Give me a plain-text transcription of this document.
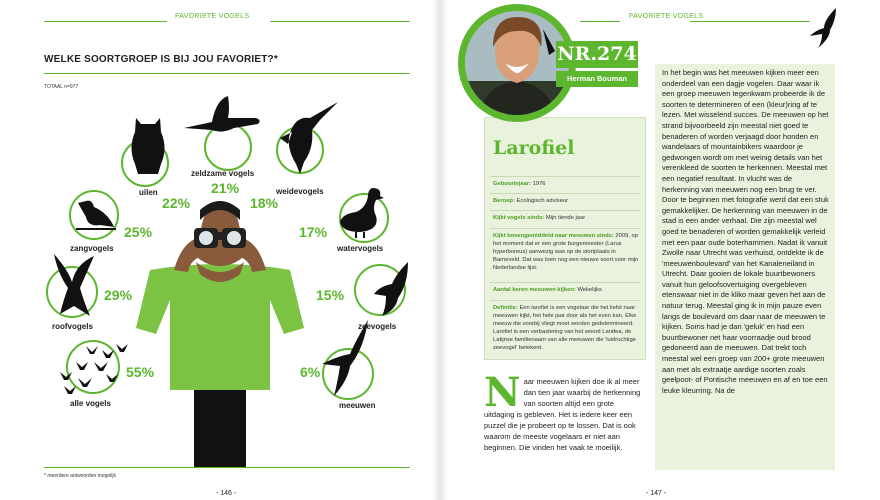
FAVORIETE VOGELS
WELKE SOORTGROEP IS BIJ JOU FAVORIET?*
TOTAAL n=977
uilen
22%
zeldzame vogels
21%	weidevogels
18%
zangvogels
25%
watervogels
17%
roofvogels
29%
zeevogels
15%
alle vogels
55%
meeuwen
6%
* meerdere antwoorden mogelijk
- 146 -
FAVORIETE VOGELS
In het begin was het meeuwen kijken meer een onderdeel van een dagje vogelen. Daar waar ik een groep meeuwen tegenkwam probeerde ik de soorten te determineren of een (kleur)ring af te lezen. Met wisselend succes. De meeuwen op het strand bijvoorbeeld zijn meestal niet goed te benaderen of worden verjaagd door honden en wandelaars of mountainbikers waardoor je gedwongen wordt om met weinig details van het verenkleed de soorten te herkennen. Meestal met een negatief resultaat. In vlucht was de herkenning van meeuwen nog een brug te ver. Door te beginnen met fotografie werd dat een stuk gemakkelijker. De herkenning van meeuwen in de stad is een ander verhaal. Die zijn meestal wel goed te benaderen of worden gemakkelijk verleid met een paar oude boterhammen. Nadat ik vanuit Zwolle naar Utrecht was verhuisd, ontdekte ik de 'meeuwenboulevard' van het Kanaleneiland in Utrecht. Daar gooien de lokale buurtbewoners vanuit hun geloofsovertuiging overgebleven etenswaar niet in de kliko maar geven het aan de natuur terug. Meestal ging ik in mijn pauze even langs de boulevard om daar naar de meeuwen te kijken. Soms had je dan 'geluk' en had een buurtbewoner net haar voorraadje oud brood gedoneerd aan de meeuwen. Dat trekt toch meestal wel een groep van 200+ grote meeuwen aan met als extraatje aardige soorten zoals geelpoot- of Pontische meeuwen en af en toe een leuke kleurring. Na de
NR.274
Herman Bouman
Larofiel
Geboortejaar: 1976
Beroep: Ecologisch adviseur
Kijkt vogels sinds: Mijn tiende jaar
Kijkt bovengemiddeld naar meeuwen sinds: 2009, op het moment dat er een grote burgemeester (Larus hyperboreus) aanwezig was op de stortplaats in Barneveld. Dat was toen nog een nieuwe soort voor mijn Nederlandse lijst.
Aantal keren meeuwen kijken: Wekelijks
Definitie: Een larofiel is een vogelaar die het liefst naar meeuwen kijkt, het hele jaar door als het even kan. Elke meeuw die voorbij vliegt moet worden gedetermineerd. Larofiel is een verbastering van het woord Laridea, de Latijnse familienaam van alle meeuwen die 'luidruchtige zeevogel' betekent.
Naar meeuwen kijken doe ik al meer dan tien jaar waarbij de herkenning van soorten altijd een grote uitdaging is gebleven. Het is iedere keer een puzzel die je probeert op te lossen. Dat is ook waarom de meeste vogelaars er niet aan beginnen. Die vinden het vaak te moeilijk.
- 147 -
